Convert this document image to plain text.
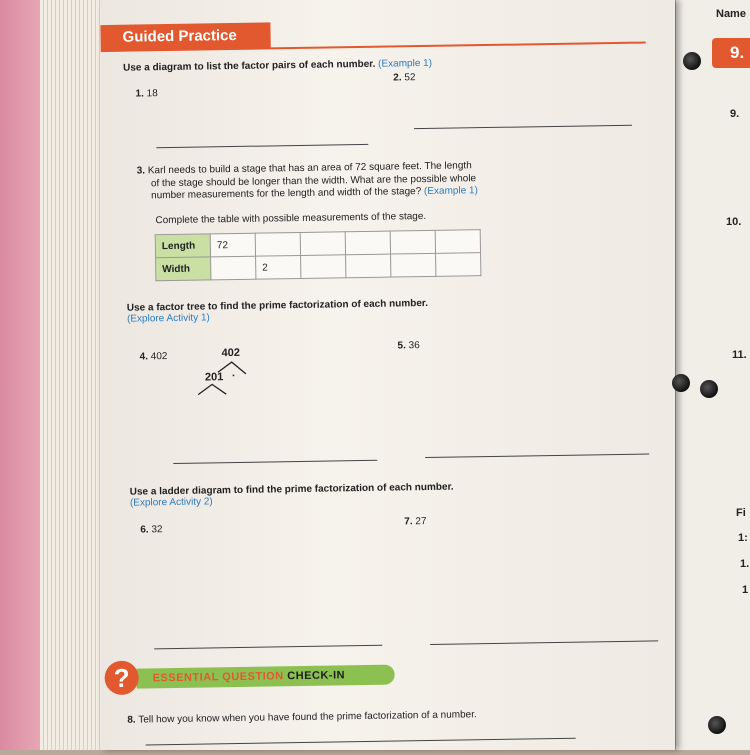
Name
9.
9.
10.
11.
Fi
1:
1.
1
Guided Practice
Use a diagram to list the factor pairs of each number. (Example 1)
1. 18
2. 52
3. Karl needs to build a stage that has an area of 72 square feet. The length
of the stage should be longer than the width. What are the possible whole
number measurements for the length and width of the stage? (Example 1)
Complete the table with possible measurements of the stage.
Length	72					
Width		2				
Use a factor tree to find the prime factorization of each number.
(Explore Activity 1)
4. 402	402
201 ·
5. 36
Use a ladder diagram to find the prime factorization of each number.
(Explore Activity 2)
6. 32
7. 27
?	ESSENTIAL QUESTION CHECK-IN
8. Tell how you know when you have found the prime factorization of a number.
